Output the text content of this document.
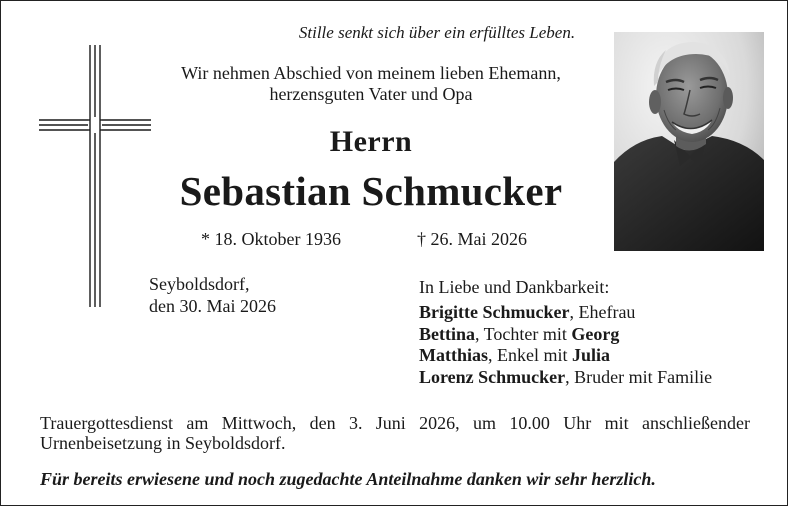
Stille senkt sich über ein erfülltes Leben.
Wir nehmen Abschied von meinem lieben Ehemann,
herzensguten Vater und Opa
Herrn
Sebastian Schmucker
* 18. Oktober 1936	† 26. Mai 2026
Seyboldsdorf,
den 30. Mai 2026
In Liebe und Dankbarkeit:
Brigitte Schmucker, Ehefrau
Bettina, Tochter mit Georg
Matthias, Enkel mit Julia
Lorenz Schmucker, Bruder mit Familie
Trauergottesdienst am Mittwoch, den 3. Juni 2026, um 10.00 Uhr mit anschließender
Urnenbeisetzung in Seyboldsdorf.
Für bereits erwiesene und noch zugedachte Anteilnahme danken wir sehr herzlich.
